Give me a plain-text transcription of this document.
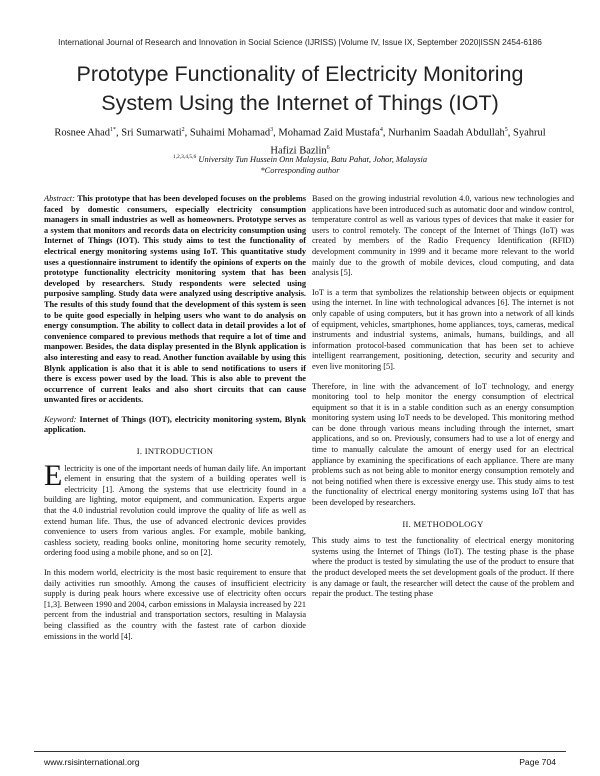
International Journal of Research and Innovation in Social Science (IJRISS) |Volume IV, Issue IX, September 2020|ISSN 2454-6186
Prototype Functionality of Electricity Monitoring
System Using the Internet of Things (IOT)
Rosnee Ahad$^{1*}$, Sri Sumarwati$^2$, Suhaimi Mohamad$^3$, Mohamad Zaid Mustafa$^4$, Nurhanim Saadah Abdullah$^5$, Syahrul
Hafizi Bazlin$^6$
$^{1,2,3,4,5,6}$ University Tun Hussein Onn Malaysia, Batu Pahat, Johor, Malaysia
*Corresponding author

Abstract: This prototype that has been developed focuses on the problems faced by domestic consumers, especially electricity consumption managers in small industries as well as homeowners. Prototype serves as a system that monitors and records data on electricity consumption using Internet of Things (IOT). This study aims to test the functionality of electrical energy monitoring systems using IoT. This quantitative study uses a questionnaire instrument to identify the opinions of experts on the prototype functionality electricity monitoring system that has been developed by researchers. Study respondents were selected using purposive sampling. Study data were analyzed using descriptive analysis. The results of this study found that the development of this system is seen to be quite good especially in helping users who want to do analysis on energy consumption. The ability to collect data in detail provides a lot of convenience compared to previous methods that require a lot of time and manpower. Besides, the data display presented in the Blynk application is also interesting and easy to read. Another function available by using this Blynk application is also that it is able to send notifications to users if there is excess power used by the load. This is also able to prevent the occurrence of current leaks and also short circuits that can cause unwanted fires or accidents.

Keyword: Internet of Things (IOT), electricity monitoring system, Blynk application.

I. INTRODUCTION

Electricity is one of the important needs of human daily life. An important element in ensuring that the system of a building operates well is electricity [1]. Among the systems that use electricity found in a building are lighting, motor equipment, and communication. Experts argue that the 4.0 industrial revolution could improve the quality of life as well as extend human life. Thus, the use of advanced electronic devices provides convenience to users from various angles. For example, mobile banking, cashless society, reading books online, monitoring home security remotely, ordering food using a mobile phone, and so on [2].

In this modern world, electricity is the most basic requirement to ensure that daily activities run smoothly. Among the causes of insufficient electricity supply is during peak hours where excessive use of electricity often occurs [1,3]. Between 1990 and 2004, carbon emissions in Malaysia increased by 221 percent from the industrial and transportation sectors, resulting in Malaysia being classified as the country with the fastest rate of carbon dioxide emissions in the world [4].

Based on the growing industrial revolution 4.0, various new technologies and applications have been introduced such as automatic door and window control, temperature control as well as various types of devices that make it easier for users to control remotely. The concept of the Internet of Things (IoT) was created by members of the Radio Frequency Identification (RFID) development community in 1999 and it became more relevant to the world mainly due to the growth of mobile devices, cloud computing, and data analysis [5].

IoT is a term that symbolizes the relationship between objects or equipment using the internet. In line with technological advances [6]. The internet is not only capable of using computers, but it has grown into a network of all kinds of equipment, vehicles, smartphones, home appliances, toys, cameras, medical instruments and industrial systems, animals, humans, buildings, and all information protocol-based communication that has been set to achieve intelligent rearrangement, positioning, detection, security and security and even live monitoring [5].

Therefore, in line with the advancement of IoT technology, and energy monitoring tool to help monitor the energy consumption of electrical equipment so that it is in a stable condition such as an energy consumption monitoring system using IoT needs to be developed. This monitoring method can be done through various means including through the internet, smart applications, and so on. Previously, consumers had to use a lot of energy and time to manually calculate the amount of energy used for an electrical appliance by examining the specifications of each appliance. There are many problems such as not being able to monitor energy consumption remotely and not being notified when there is excessive energy use. This study aims to test the functionality of electrical energy monitoring systems using IoT that has been developed by researchers.

II. METHODOLOGY

This study aims to test the functionality of electrical energy monitoring systems using the Internet of Things (IoT). The testing phase is the phase where the product is tested by simulating the use of the product to ensure that the product developed meets the set development goals of the product. If there is any damage or fault, the researcher will detect the cause of the problem and repair the product. The testing phase

www.rsisinternational.org	Page 704
